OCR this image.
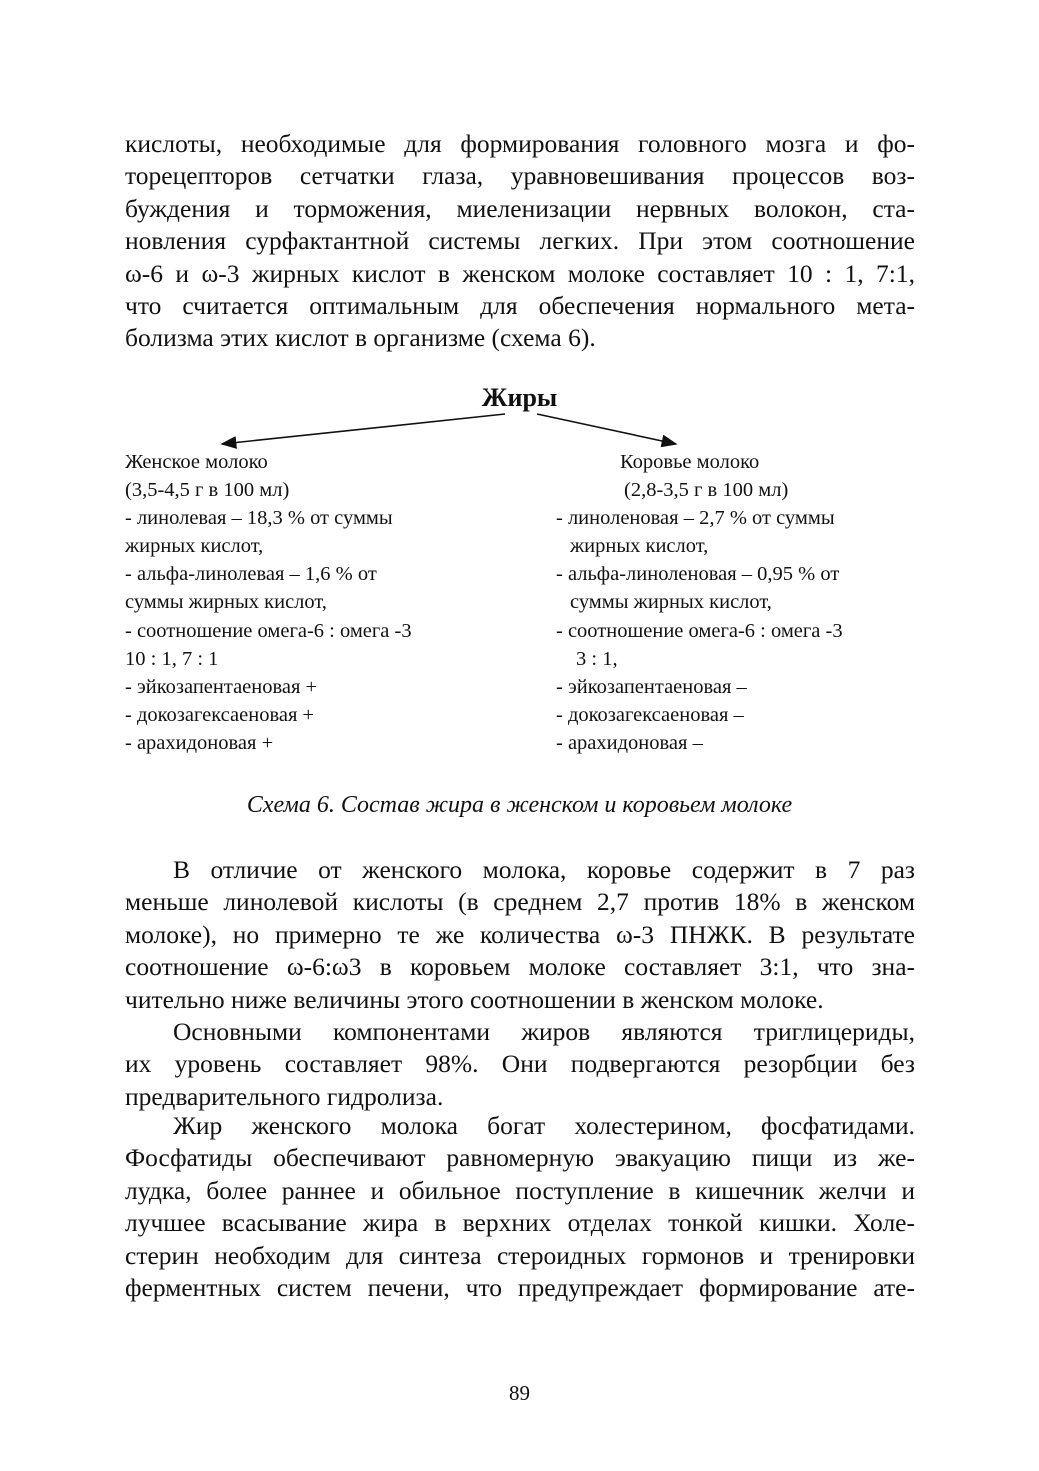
кислоты, необходимые для формирования головного мозга и фо-
торецепторов сетчатки глаза, уравновешивания процессов воз-
буждения и торможения, миеленизации нервных волокон, ста-
новления сурфактантной системы легких. При этом соотношение
ω-6 и ω-3 жирных кислот в женском молоке составляет 10 : 1, 7:1,
что считается оптимальным для обеспечения нормального мета-
болизма этих кислот в организме (схема 6).
Жиры
Женское молоко
(3,5-4,5 г в 100 мл)
- линолевая – 18,3 % от суммы
жирных кислот,
- альфа-линолевая – 1,6 % от
суммы жирных кислот,
- соотношение омега-6 : омега -3
10 : 1, 7 : 1
- эйкозапентаеновая +
- докозагексаеновая +
- арахидоновая +
Коровье молоко
(2,8-3,5 г в 100 мл)
- линоленовая – 2,7 % от суммы
жирных кислот,
- альфа-линоленовая – 0,95 % от
суммы жирных кислот,
- соотношение омега-6 : омега -3
3 : 1,
- эйкозапентаеновая –
- докозагексаеновая –
- арахидоновая –
Схема 6. Состав жира в женском и коровьем молоке
В отличие от женского молока, коровье содержит в 7 раз
меньше линолевой кислоты (в среднем 2,7 против 18% в женском
молоке), но примерно те же количества ω-3 ПНЖК. В результате
соотношение ω-6:ω3 в коровьем молоке составляет 3:1, что зна-
чительно ниже величины этого соотношении в женском молоке.
Основными компонентами жиров являются триглицериды,
их уровень составляет 98%. Они подвергаются резорбции без
предварительного гидролиза.
Жир женского молока богат холестерином, фосфатидами.
Фосфатиды обеспечивают равномерную эвакуацию пищи из же-
лудка, более раннее и обильное поступление в кишечник желчи и
лучшее всасывание жира в верхних отделах тонкой кишки. Холе-
стерин необходим для синтеза стероидных гормонов и тренировки
ферментных систем печени, что предупреждает формирование ате-
89
